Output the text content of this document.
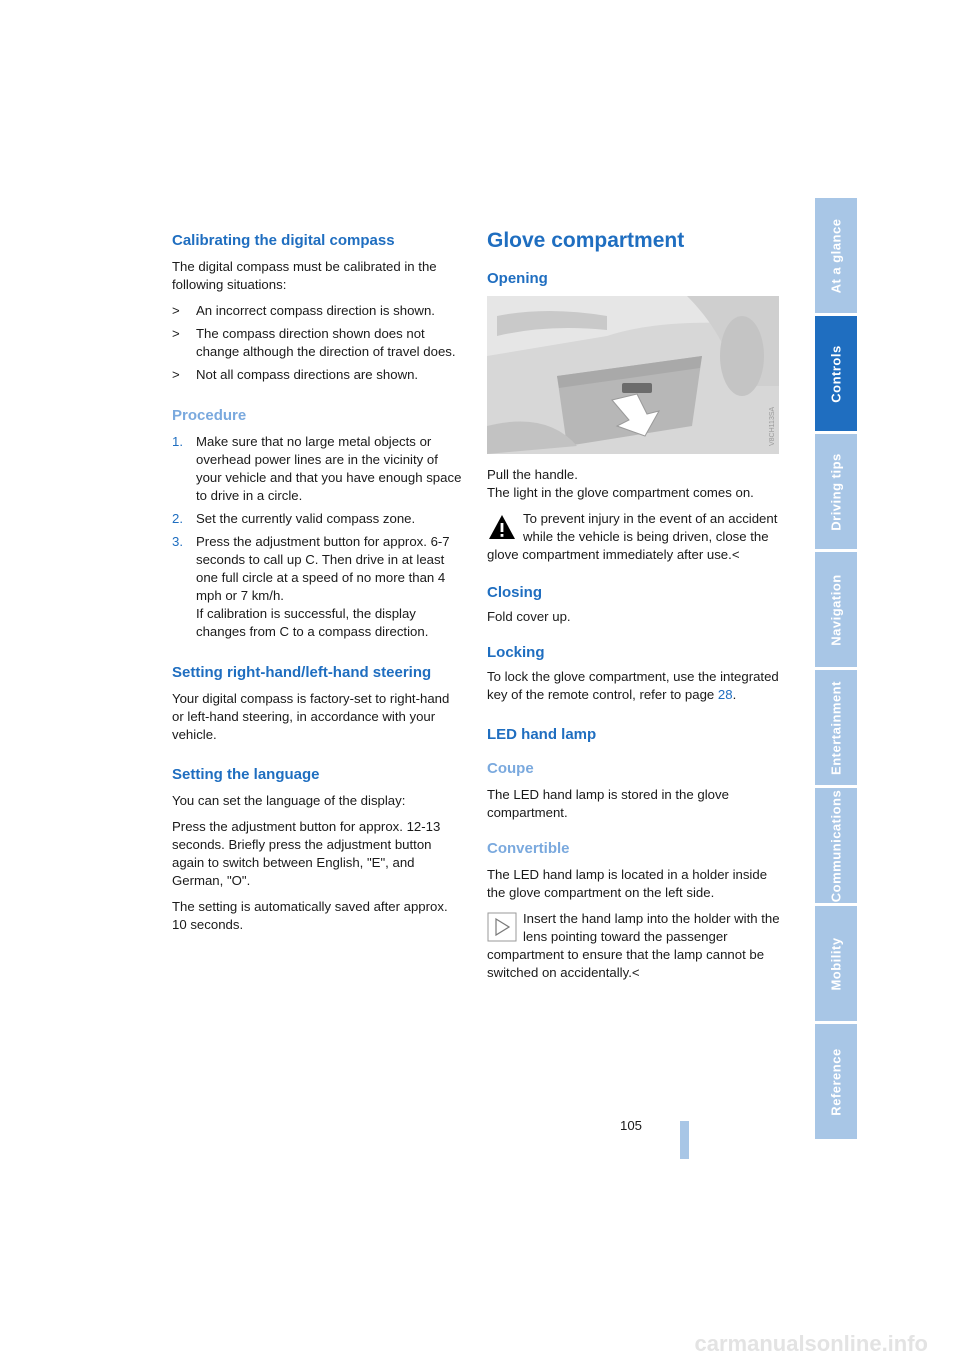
Calibrating the digital compass

The digital compass must be calibrated in the following situations:

>	An incorrect compass direction is shown.
>	The compass direction shown does not change although the direction of travel does.
>	Not all compass directions are shown.
Procedure
1. Make sure that no large metal objects or overhead power lines are in the vicinity of your vehicle and that you have enough space to drive in a circle.
2. Set the currently valid compass zone.
3. Press the adjustment button for approx. 6-7 seconds to call up C. Then drive in at least one full circle at a speed of no more than 4 mph or 7 km/h.
If calibration is successful, the display changes from C to a compass direction.
Setting right-hand/left-hand steering

Your digital compass is factory-set to right-hand or left-hand steering, in accordance with your vehicle.

Setting the language

You can set the language of the display:

Press the adjustment button for approx. 12-13 seconds. Briefly press the adjustment button again to switch between English, "E", and German, "O".

The setting is automatically saved after approx. 10 seconds.

Glove compartment
Opening
V8CH113SA

Pull the handle.

The light in the glove compartment comes on.

To prevent injury in the event of an accident while the vehicle is being driven, close the glove compartment immediately after use.<
Closing

Fold cover up.

Locking

To lock the glove compartment, use the integrated key of the remote control, refer to page 28.

LED hand lamp
Coupe

The LED hand lamp is stored in the glove compartment.

Convertible

The LED hand lamp is located in a holder inside the glove compartment on the left side.

Insert the hand lamp into the holder with the lens pointing toward the passenger compartment to ensure that the lamp cannot be switched on accidentally.<
At a glance
Controls
Driving tips
Navigation
Entertainment
Communications
Mobility
Reference
105
carmanualsonline.info
